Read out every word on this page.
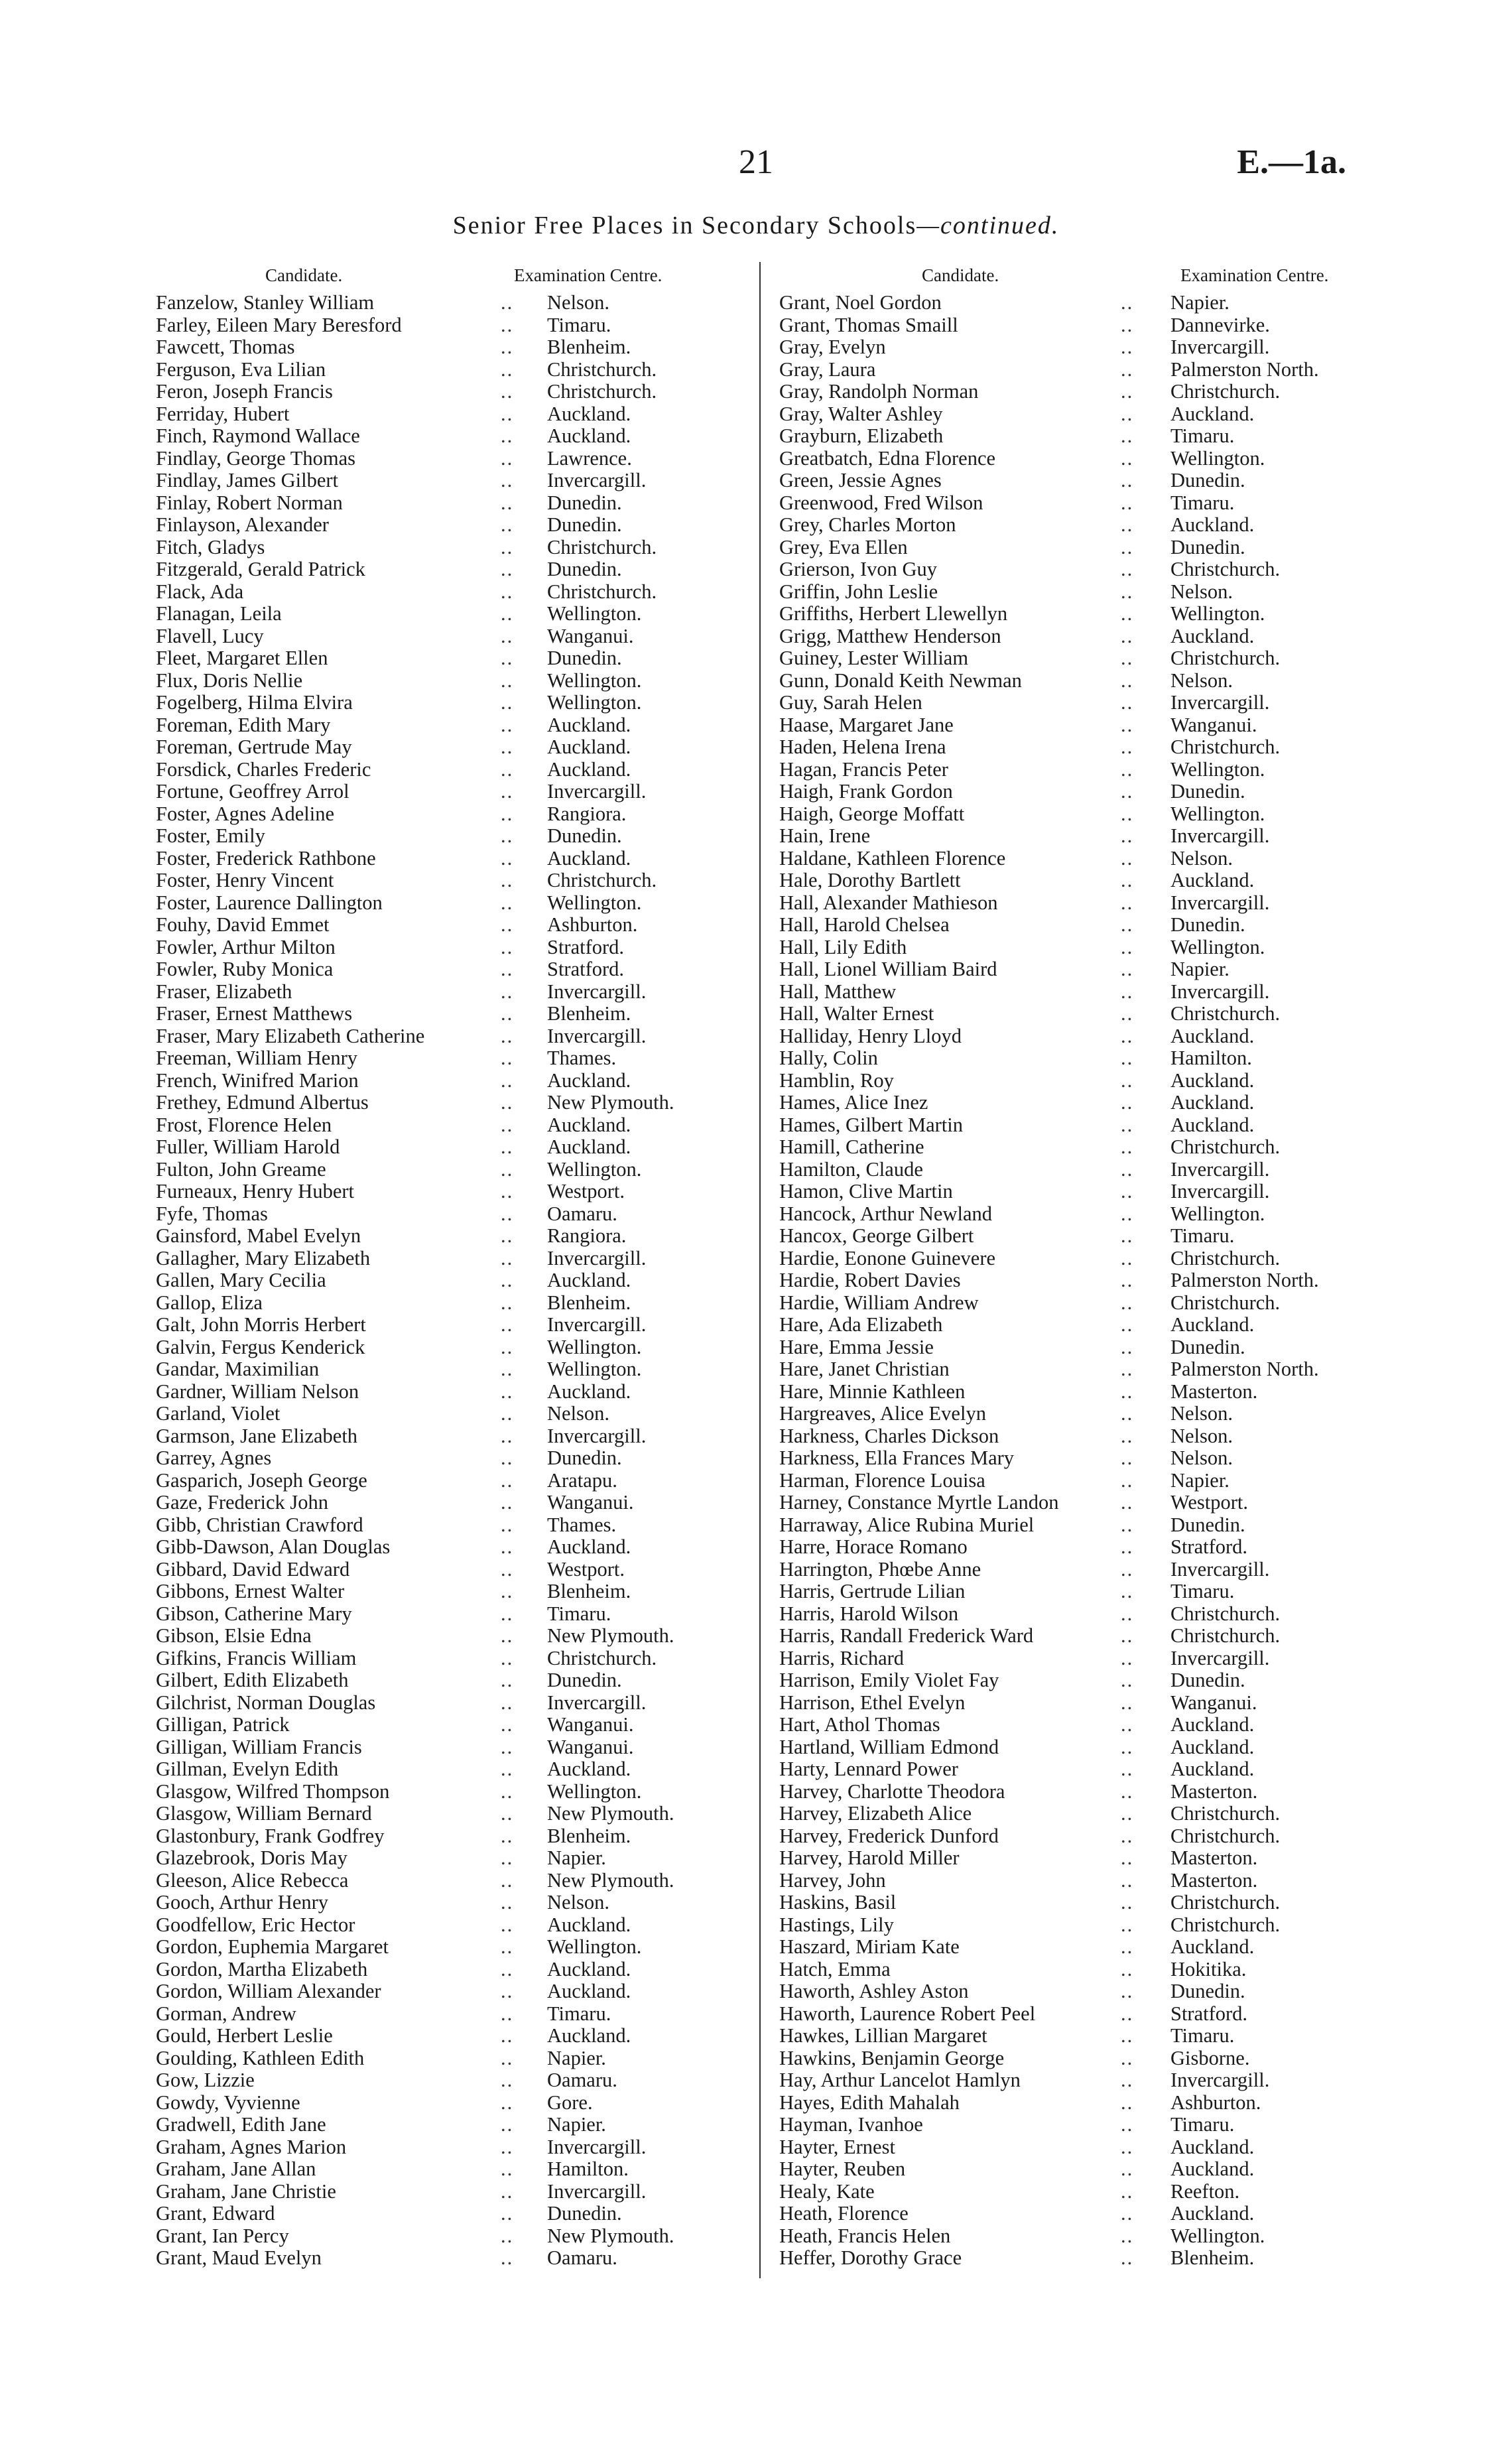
21	E.—1a.
Senior Free Places in Secondary Schools—continued.
Candidate.	Examination Centre.
Fanzelow, Stanley William	.. Nelson.
Farley, Eileen Mary Beresford	.. Timaru.
Fawcett, Thomas	.. Blenheim.
Ferguson, Eva Lilian	.. Christchurch.
Feron, Joseph Francis	.. Christchurch.
Ferriday, Hubert	.. Auckland.
Finch, Raymond Wallace	.. Auckland.
Findlay, George Thomas	.. Lawrence.
Findlay, James Gilbert	.. Invercargill.
Finlay, Robert Norman	.. Dunedin.
Finlayson, Alexander	.. Dunedin.
Fitch, Gladys	.. Christchurch.
Fitzgerald, Gerald Patrick	.. Dunedin.
Flack, Ada	.. Christchurch.
Flanagan, Leila	.. Wellington.
Flavell, Lucy	.. Wanganui.
Fleet, Margaret Ellen	.. Dunedin.
Flux, Doris Nellie	.. Wellington.
Fogelberg, Hilma Elvira	.. Wellington.
Foreman, Edith Mary	.. Auckland.
Foreman, Gertrude May	.. Auckland.
Forsdick, Charles Frederic	.. Auckland.
Fortune, Geoffrey Arrol	.. Invercargill.
Foster, Agnes Adeline	.. Rangiora.
Foster, Emily	.. Dunedin.
Foster, Frederick Rathbone	.. Auckland.
Foster, Henry Vincent	.. Christchurch.
Foster, Laurence Dallington	.. Wellington.
Fouhy, David Emmet	.. Ashburton.
Fowler, Arthur Milton	.. Stratford.
Fowler, Ruby Monica	.. Stratford.
Fraser, Elizabeth	.. Invercargill.
Fraser, Ernest Matthews	.. Blenheim.
Fraser, Mary Elizabeth Catherine	.. Invercargill.
Freeman, William Henry	.. Thames.
French, Winifred Marion	.. Auckland.
Frethey, Edmund Albertus	.. New Plymouth.
Frost, Florence Helen	.. Auckland.
Fuller, William Harold	.. Auckland.
Fulton, John Greame	.. Wellington.
Furneaux, Henry Hubert	.. Westport.
Fyfe, Thomas	.. Oamaru.
Gainsford, Mabel Evelyn	.. Rangiora.
Gallagher, Mary Elizabeth	.. Invercargill.
Gallen, Mary Cecilia	.. Auckland.
Gallop, Eliza	.. Blenheim.
Galt, John Morris Herbert	.. Invercargill.
Galvin, Fergus Kenderick	.. Wellington.
Gandar, Maximilian	.. Wellington.
Gardner, William Nelson	.. Auckland.
Garland, Violet	.. Nelson.
Garmson, Jane Elizabeth	.. Invercargill.
Garrey, Agnes	.. Dunedin.
Gasparich, Joseph George	.. Aratapu.
Gaze, Frederick John	.. Wanganui.
Gibb, Christian Crawford	.. Thames.
Gibb-Dawson, Alan Douglas	.. Auckland.
Gibbard, David Edward	.. Westport.
Gibbons, Ernest Walter	.. Blenheim.
Gibson, Catherine Mary	.. Timaru.
Gibson, Elsie Edna	.. New Plymouth.
Gifkins, Francis William	.. Christchurch.
Gilbert, Edith Elizabeth	.. Dunedin.
Gilchrist, Norman Douglas	.. Invercargill.
Gilligan, Patrick	.. Wanganui.
Gilligan, William Francis	.. Wanganui.
Gillman, Evelyn Edith	.. Auckland.
Glasgow, Wilfred Thompson	.. Wellington.
Glasgow, William Bernard	.. New Plymouth.
Glastonbury, Frank Godfrey	.. Blenheim.
Glazebrook, Doris May	.. Napier.
Gleeson, Alice Rebecca	.. New Plymouth.
Gooch, Arthur Henry	.. Nelson.
Goodfellow, Eric Hector	.. Auckland.
Gordon, Euphemia Margaret	.. Wellington.
Gordon, Martha Elizabeth	.. Auckland.
Gordon, William Alexander	.. Auckland.
Gorman, Andrew	.. Timaru.
Gould, Herbert Leslie	.. Auckland.
Goulding, Kathleen Edith	.. Napier.
Gow, Lizzie	.. Oamaru.
Gowdy, Vyvienne	.. Gore.
Gradwell, Edith Jane	.. Napier.
Graham, Agnes Marion	.. Invercargill.
Graham, Jane Allan	.. Hamilton.
Graham, Jane Christie	.. Invercargill.
Grant, Edward	.. Dunedin.
Grant, Ian Percy	.. New Plymouth.
Grant, Maud Evelyn	.. Oamaru.
Candidate.	Examination Centre.
Grant, Noel Gordon	.. Napier.
Grant, Thomas Smaill	.. Dannevirke.
Gray, Evelyn	.. Invercargill.
Gray, Laura	.. Palmerston North.
Gray, Randolph Norman	.. Christchurch.
Gray, Walter Ashley	.. Auckland.
Grayburn, Elizabeth	.. Timaru.
Greatbatch, Edna Florence	.. Wellington.
Green, Jessie Agnes	.. Dunedin.
Greenwood, Fred Wilson	.. Timaru.
Grey, Charles Morton	.. Auckland.
Grey, Eva Ellen	.. Dunedin.
Grierson, Ivon Guy	.. Christchurch.
Griffin, John Leslie	.. Nelson.
Griffiths, Herbert Llewellyn	.. Wellington.
Grigg, Matthew Henderson	.. Auckland.
Guiney, Lester William	.. Christchurch.
Gunn, Donald Keith Newman	.. Nelson.
Guy, Sarah Helen	.. Invercargill.
Haase, Margaret Jane	.. Wanganui.
Haden, Helena Irena	.. Christchurch.
Hagan, Francis Peter	.. Wellington.
Haigh, Frank Gordon	.. Dunedin.
Haigh, George Moffatt	.. Wellington.
Hain, Irene	.. Invercargill.
Haldane, Kathleen Florence	.. Nelson.
Hale, Dorothy Bartlett	.. Auckland.
Hall, Alexander Mathieson	.. Invercargill.
Hall, Harold Chelsea	.. Dunedin.
Hall, Lily Edith	.. Wellington.
Hall, Lionel William Baird	.. Napier.
Hall, Matthew	.. Invercargill.
Hall, Walter Ernest	.. Christchurch.
Halliday, Henry Lloyd	.. Auckland.
Hally, Colin	.. Hamilton.
Hamblin, Roy	.. Auckland.
Hames, Alice Inez	.. Auckland.
Hames, Gilbert Martin	.. Auckland.
Hamill, Catherine	.. Christchurch.
Hamilton, Claude	.. Invercargill.
Hamon, Clive Martin	.. Invercargill.
Hancock, Arthur Newland	.. Wellington.
Hancox, George Gilbert	.. Timaru.
Hardie, Eonone Guinevere	.. Christchurch.
Hardie, Robert Davies	.. Palmerston North.
Hardie, William Andrew	.. Christchurch.
Hare, Ada Elizabeth	.. Auckland.
Hare, Emma Jessie	.. Dunedin.
Hare, Janet Christian	.. Palmerston North.
Hare, Minnie Kathleen	.. Masterton.
Hargreaves, Alice Evelyn	.. Nelson.
Harkness, Charles Dickson	.. Nelson.
Harkness, Ella Frances Mary	.. Nelson.
Harman, Florence Louisa	.. Napier.
Harney, Constance Myrtle Landon	.. Westport.
Harraway, Alice Rubina Muriel	.. Dunedin.
Harre, Horace Romano	.. Stratford.
Harrington, Phœbe Anne	.. Invercargill.
Harris, Gertrude Lilian	.. Timaru.
Harris, Harold Wilson	.. Christchurch.
Harris, Randall Frederick Ward	.. Christchurch.
Harris, Richard	.. Invercargill.
Harrison, Emily Violet Fay	.. Dunedin.
Harrison, Ethel Evelyn	.. Wanganui.
Hart, Athol Thomas	.. Auckland.
Hartland, William Edmond	.. Auckland.
Harty, Lennard Power	.. Auckland.
Harvey, Charlotte Theodora	.. Masterton.
Harvey, Elizabeth Alice	.. Christchurch.
Harvey, Frederick Dunford	.. Christchurch.
Harvey, Harold Miller	.. Masterton.
Harvey, John	.. Masterton.
Haskins, Basil	.. Christchurch.
Hastings, Lily	.. Christchurch.
Haszard, Miriam Kate	.. Auckland.
Hatch, Emma	.. Hokitika.
Haworth, Ashley Aston	.. Dunedin.
Haworth, Laurence Robert Peel	.. Stratford.
Hawkes, Lillian Margaret	.. Timaru.
Hawkins, Benjamin George	.. Gisborne.
Hay, Arthur Lancelot Hamlyn	.. Invercargill.
Hayes, Edith Mahalah	.. Ashburton.
Hayman, Ivanhoe	.. Timaru.
Hayter, Ernest	.. Auckland.
Hayter, Reuben	.. Auckland.
Healy, Kate	.. Reefton.
Heath, Florence	.. Auckland.
Heath, Francis Helen	.. Wellington.
Heffer, Dorothy Grace	.. Blenheim.
